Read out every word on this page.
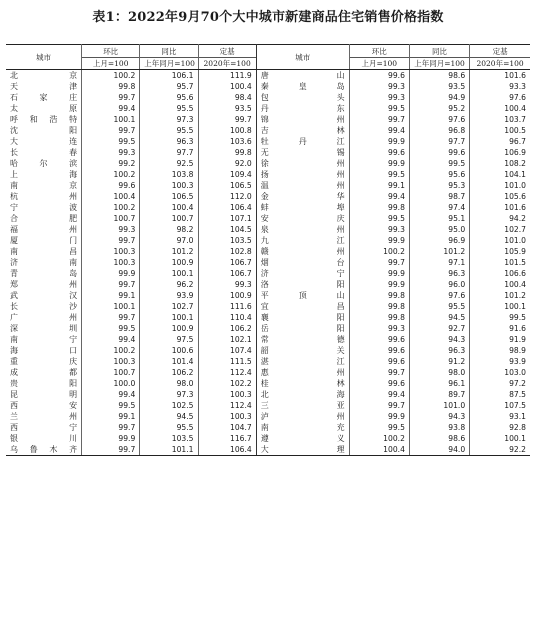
表1：2022年9月70个大中城市新建商品住宅销售价格指数
城市	环比	同比	定基	城市	环比	同比	定基
	上月=100	上年同月=100	2020年=100		上月=100	上年同月=100	2020年=100
北　　京	100.2	106.1	111.9	唐　　山	99.6	98.6	101.6
天　　津	99.8	95.7	100.4	秦 皇 岛	99.3	93.5	93.3
石 家 庄	99.7	95.6	98.4	包　　头	99.3	94.9	97.6
太　　原	99.4	95.5	93.5	丹　　东	99.5	95.2	100.4
呼和浩特	100.1	97.3	99.7	锦　　州	99.7	97.6	103.7
沈　　阳	99.7	95.5	100.8	吉　　林	99.4	96.8	100.5
大　　连	99.5	96.3	103.6	牡 丹 江	99.9	97.7	96.7
长　　春	99.3	97.7	99.8	无　　锡	99.6	99.6	106.9
哈 尔 滨	99.2	92.5	92.0	徐　　州	99.9	99.5	108.2
上　　海	100.2	103.8	109.4	扬　　州	99.5	95.6	104.1
南　　京	99.6	100.3	106.5	温　　州	99.1	95.3	101.0
杭　　州	100.4	106.5	112.0	金　　华	99.4	98.7	105.6
宁　　波	100.2	100.4	106.4	蚌　　埠	99.8	97.4	101.6
合　　肥	100.7	100.7	107.1	安　　庆	99.5	95.1	94.2
福　　州	99.3	98.2	104.5	泉　　州	99.3	95.0	102.7
厦　　门	99.7	97.0	103.5	九　　江	99.9	96.9	101.0
南　　昌	100.3	101.2	102.8	赣　　州	100.2	101.2	105.9
济　　南	100.3	100.9	106.7	烟　　台	99.7	97.1	101.5
青　　岛	99.9	100.1	106.7	济　　宁	99.9	96.3	106.6
郑　　州	99.7	96.2	99.3	洛　　阳	99.9	96.0	100.4
武　　汉	99.1	93.9	100.9	平 顶 山	99.8	97.6	101.2
长　　沙	100.1	102.7	111.6	宜　　昌	99.8	95.5	100.1
广　　州	99.7	100.1	110.4	襄　　阳	99.8	94.5	99.5
深　　圳	99.5	100.9	106.2	岳　　阳	99.3	92.7	91.6
南　　宁	99.4	97.5	102.1	常　　德	99.6	94.3	91.9
海　　口	100.2	100.6	107.4	韶　　关	99.6	96.3	98.9
重　　庆	100.3	101.4	111.5	湛　　江	99.6	91.2	93.9
成　　都	100.7	106.2	112.4	惠　　州	99.7	98.0	103.0
贵　　阳	100.0	98.0	102.2	桂　　林	99.6	96.1	97.2
昆　　明	99.4	97.3	100.3	北　　海	99.4	89.7	87.5
西　　安	99.5	102.5	112.4	三　　亚	99.7	101.0	107.5
兰　　州	99.1	94.5	100.3	泸　　州	99.9	94.3	93.1
西　　宁	99.7	95.5	104.7	南　　充	99.5	93.8	92.8
银　　川	99.9	103.5	116.7	遵　　义	100.2	98.6	100.1
乌鲁木齐	99.7	101.1	106.4	大　　理	100.4	94.0	92.2
